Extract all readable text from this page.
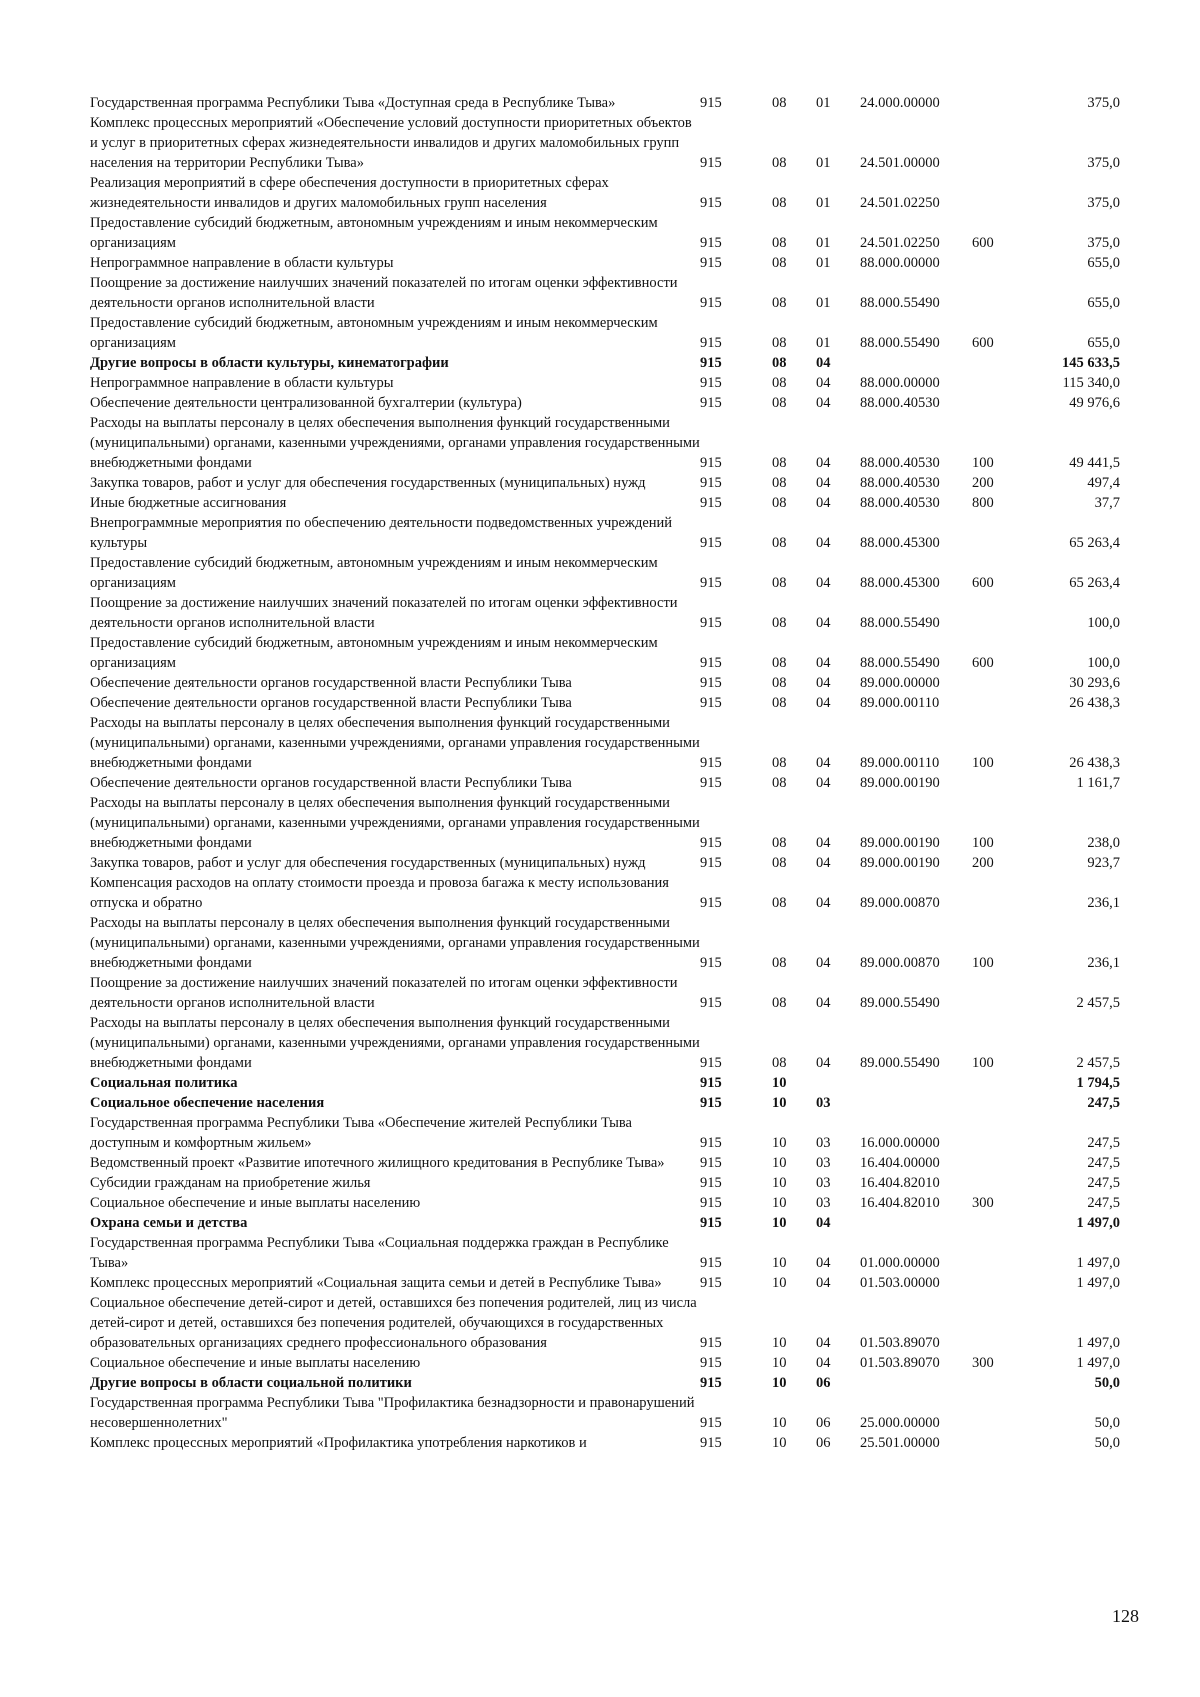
Государственная программа Республики Тыва «Доступная среда в Республике Тыва»	915	08	01	24.000.00000		375,0
Комплекс процессных мероприятий «Обеспечение условий доступности приоритетных объектов и услуг в приоритетных сферах жизнедеятельности инвалидов и других маломобильных групп населения на территории Республики Тыва»	915	08	01	24.501.00000		375,0
Реализация мероприятий в сфере обеспечения доступности в приоритетных сферах жизнедеятельности инвалидов и других маломобильных групп населения	915	08	01	24.501.02250		375,0
Предоставление субсидий бюджетным, автономным учреждениям и иным некоммерческим организациям	915	08	01	24.501.02250	600	375,0
Непрограммное направление в области культуры	915	08	01	88.000.00000		655,0
Поощрение за достижение наилучших значений показателей по итогам оценки эффективности деятельности органов исполнительной власти	915	08	01	88.000.55490		655,0
Предоставление субсидий бюджетным, автономным учреждениям и иным некоммерческим организациям	915	08	01	88.000.55490	600	655,0
Другие вопросы в области культуры, кинематографии	915	08	04			145 633,5
Непрограммное направление в области культуры	915	08	04	88.000.00000		115 340,0
Обеспечение деятельности централизованной бухгалтерии (культура)	915	08	04	88.000.40530		49 976,6
Расходы на выплаты персоналу в целях обеспечения выполнения функций государственными (муниципальными) органами, казенными учреждениями, органами управления государственными внебюджетными фондами	915	08	04	88.000.40530	100	49 441,5
Закупка товаров, работ и услуг для обеспечения государственных (муниципальных) нужд	915	08	04	88.000.40530	200	497,4
Иные бюджетные ассигнования	915	08	04	88.000.40530	800	37,7
Внепрограммные мероприятия по обеспечению деятельности подведомственных учреждений культуры	915	08	04	88.000.45300		65 263,4
Предоставление субсидий бюджетным, автономным учреждениям и иным некоммерческим организациям	915	08	04	88.000.45300	600	65 263,4
Поощрение за достижение наилучших значений показателей по итогам оценки эффективности деятельности органов исполнительной власти	915	08	04	88.000.55490		100,0
Предоставление субсидий бюджетным, автономным учреждениям и иным некоммерческим организациям	915	08	04	88.000.55490	600	100,0
Обеспечение деятельности органов государственной власти Республики Тыва	915	08	04	89.000.00000		30 293,6
Обеспечение деятельности органов государственной власти Республики Тыва	915	08	04	89.000.00110		26 438,3
Расходы на выплаты персоналу в целях обеспечения выполнения функций государственными (муниципальными) органами, казенными учреждениями, органами управления государственными внебюджетными фондами	915	08	04	89.000.00110	100	26 438,3
Обеспечение деятельности органов государственной власти Республики Тыва	915	08	04	89.000.00190		1 161,7
Расходы на выплаты персоналу в целях обеспечения выполнения функций государственными (муниципальными) органами, казенными учреждениями, органами управления государственными внебюджетными фондами	915	08	04	89.000.00190	100	238,0
Закупка товаров, работ и услуг для обеспечения государственных (муниципальных) нужд	915	08	04	89.000.00190	200	923,7
Компенсация расходов на оплату стоимости проезда и провоза багажа к месту использования отпуска и обратно	915	08	04	89.000.00870		236,1
Расходы на выплаты персоналу в целях обеспечения выполнения функций государственными (муниципальными) органами, казенными учреждениями, органами управления государственными внебюджетными фондами	915	08	04	89.000.00870	100	236,1
Поощрение за достижение наилучших значений показателей по итогам оценки эффективности деятельности органов исполнительной власти	915	08	04	89.000.55490		2 457,5
Расходы на выплаты персоналу в целях обеспечения выполнения функций государственными (муниципальными) органами, казенными учреждениями, органами управления государственными внебюджетными фондами	915	08	04	89.000.55490	100	2 457,5
Социальная политика	915	10				1 794,5
Социальное обеспечение населения	915	10	03			247,5
Государственная программа Республики Тыва «Обеспечение жителей Республики Тыва доступным и комфортным жильем»	915	10	03	16.000.00000		247,5
Ведомственный проект «Развитие ипотечного жилищного кредитования в Республике Тыва»	915	10	03	16.404.00000		247,5
Субсидии гражданам на приобретение жилья	915	10	03	16.404.82010		247,5
Социальное обеспечение и иные выплаты населению	915	10	03	16.404.82010	300	247,5
Охрана семьи и детства	915	10	04			1 497,0
Государственная программа Республики Тыва «Социальная поддержка граждан в Республике Тыва»	915	10	04	01.000.00000		1 497,0
Комплекс процессных мероприятий «Социальная защита семьи и детей в Республике Тыва»	915	10	04	01.503.00000		1 497,0
Социальное обеспечение детей-сирот и детей, оставшихся без попечения родителей, лиц из числа детей-сирот и детей, оставшихся без попечения родителей, обучающихся в государственных образовательных организациях среднего профессионального образования	915	10	04	01.503.89070		1 497,0
Социальное обеспечение и иные выплаты населению	915	10	04	01.503.89070	300	1 497,0
Другие вопросы в области социальной политики	915	10	06			50,0
Государственная программа Республики Тыва "Профилактика безнадзорности и правонарушений несовершеннолетних"	915	10	06	25.000.00000		50,0
Комплекс процессных мероприятий «Профилактика употребления наркотиков и	915	10	06	25.501.00000		50,0
128
